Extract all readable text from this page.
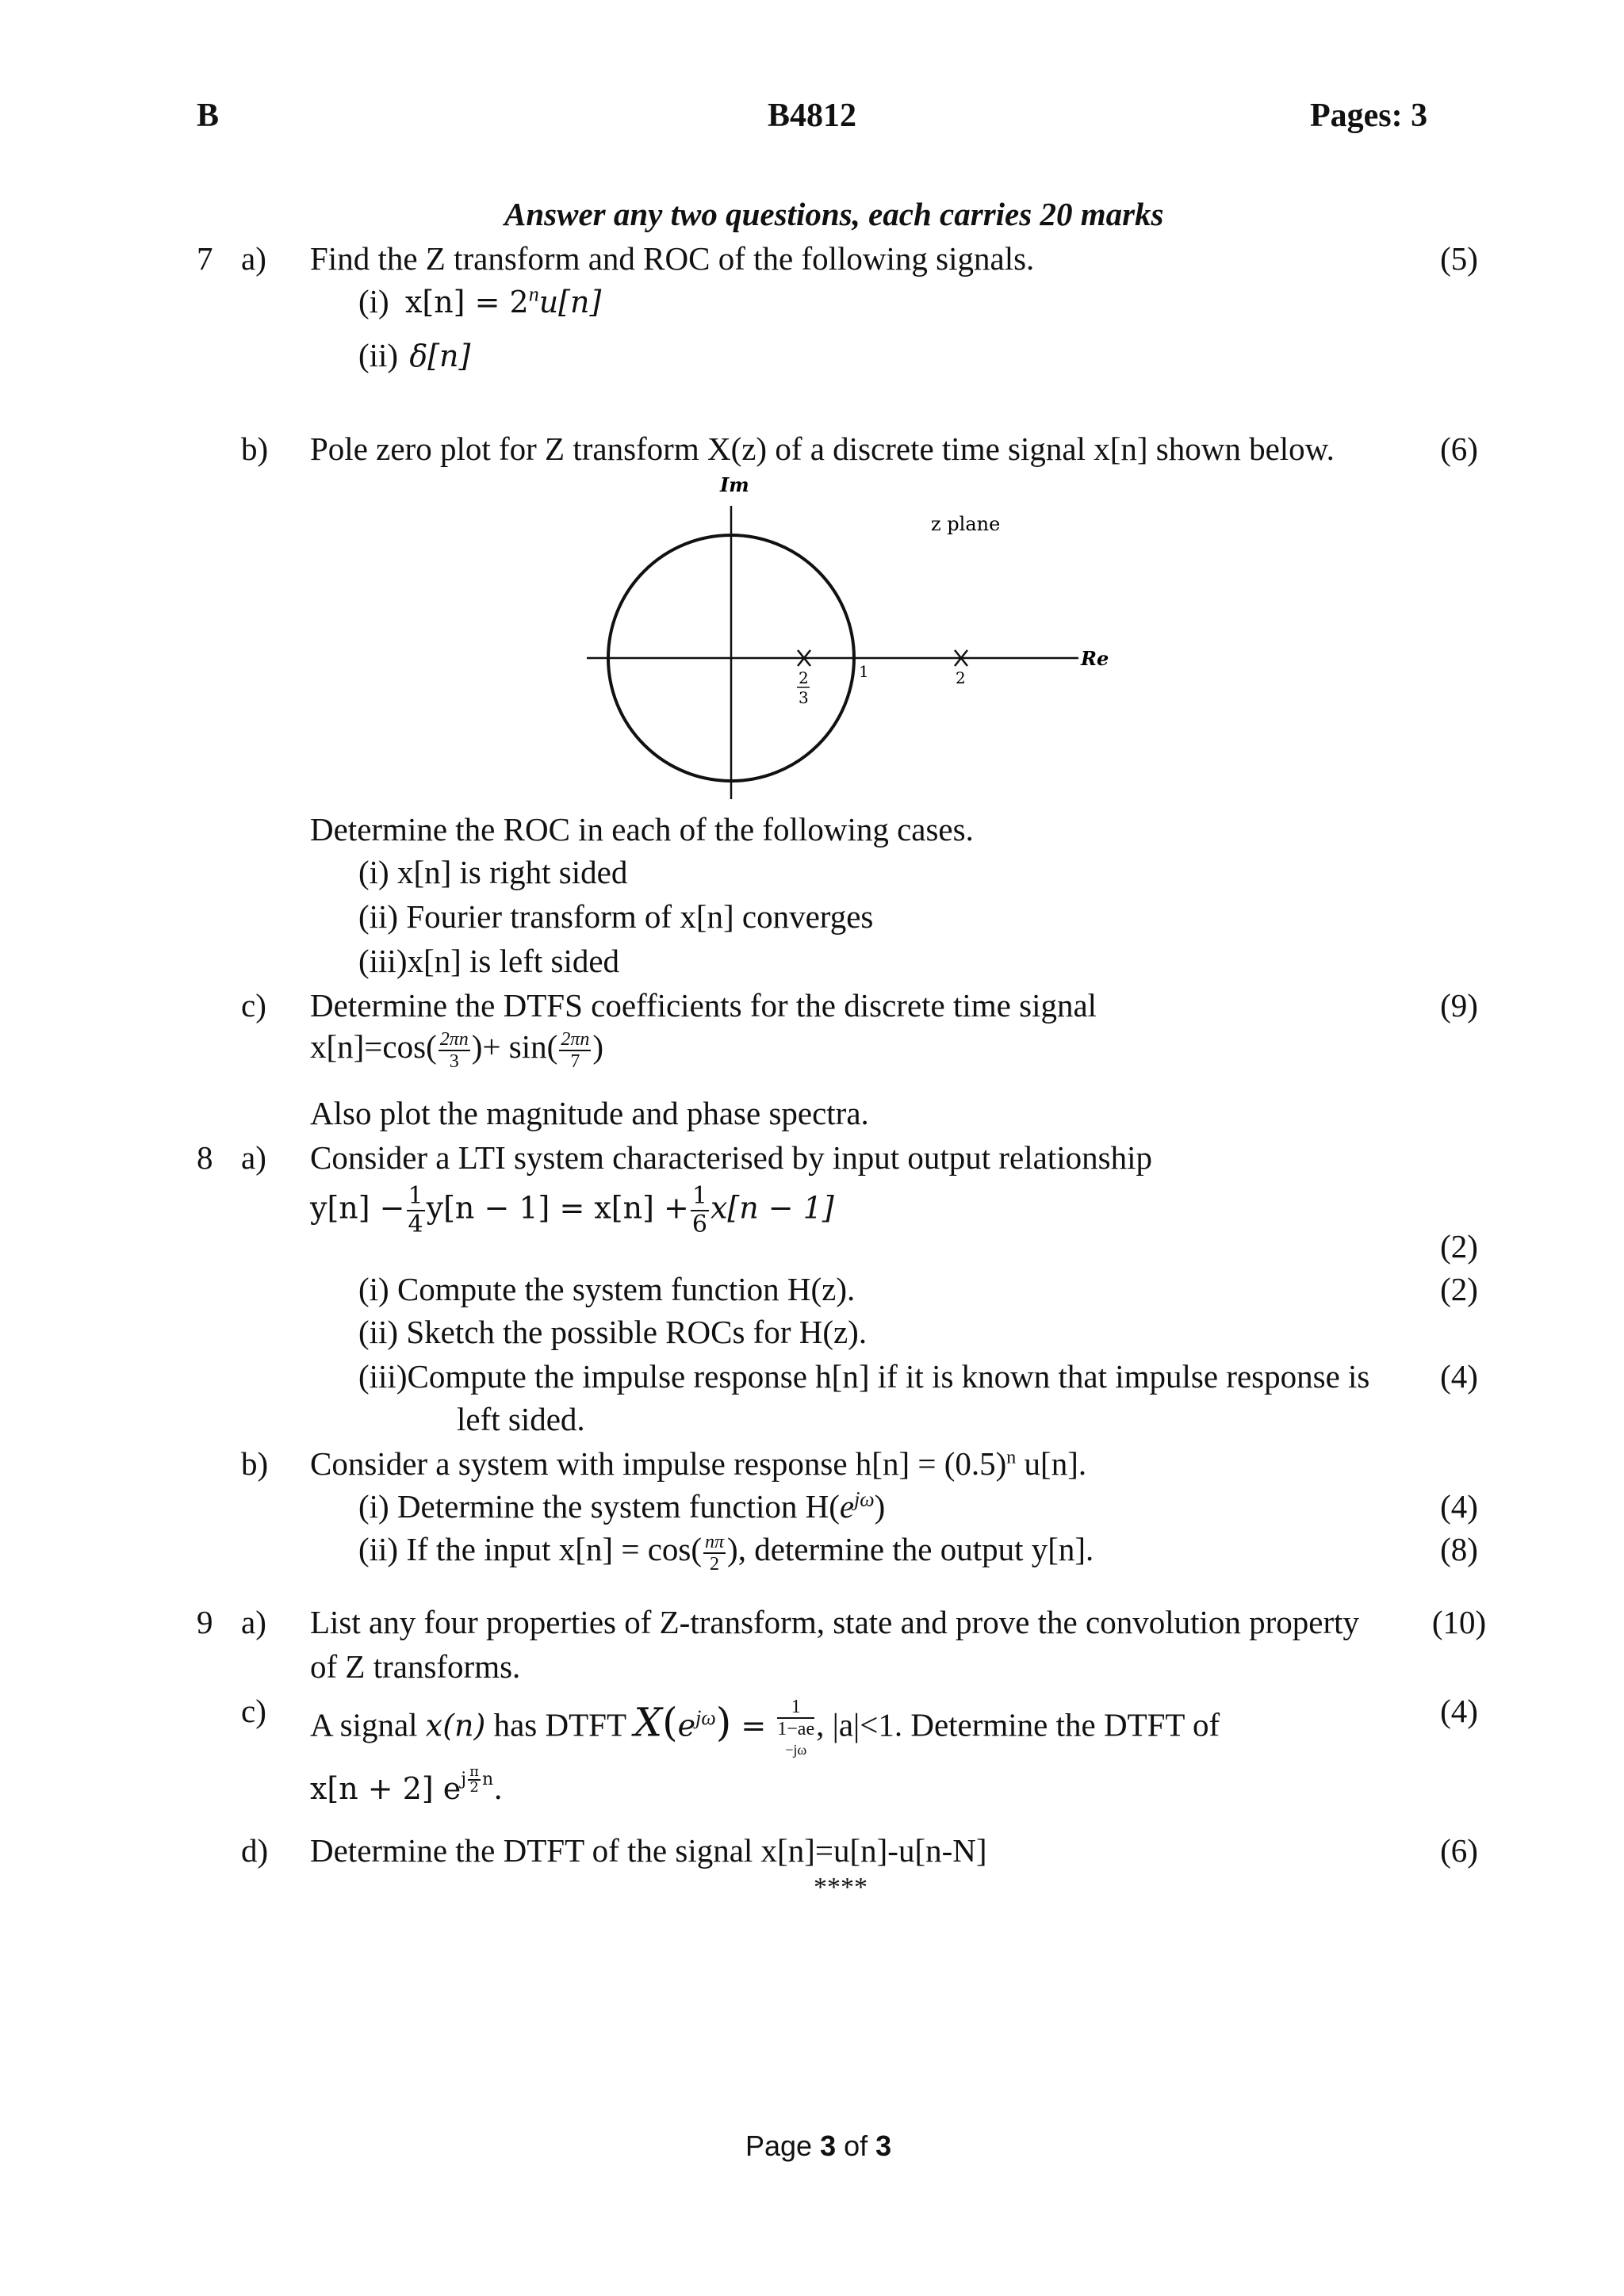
B	B4812	Pages: 3
Answer any two questions, each carries 20 marks
7 a) Find the Z transform and ROC of the following signals.	(5)
(i) $x[n] = 2^nu[n]$
(ii) δ[n]
b) Pole zero plot for Z transform X(z) of a discrete time signal x[n] shown below.	(6)
Im
Re
z plane
2
3
1	2
Determine the ROC in each of the following cases.
(i) x[n] is right sided
(ii) Fourier transform of x[n] converges
(iii)x[n] is left sided
c) Determine the DTFS coefficients for the discrete time signal	(9)
$x[n]=\cos( \frac{2\pi n}{3}$ )+ $\sin( \frac{2\pi n}{7}$ )
Also plot the magnitude and phase spectra.
8 a) Consider a LTI system characterised by input output relationship
$y[n] - \frac{1}{4} y[n - 1] = x[n] + \frac{1}{6} x[n - 1]$
(2)
(i) Compute the system function H(z).	(2)
(ii) Sketch the possible ROCs for H(z).
(iii)Compute the impulse response h[n] if it is known that impulse response is	(4)
left sided.
b) Consider a system with impulse response $h[n] = (0.5)^n$ u[n].
(i) Determine the system function $H(e^{j\omega})$	(4)
(ii) If the input $x[n] = \cos( \frac{n\pi}{2}$ ), determine the output y[n].	(8)
9 a) List any four properties of Z-transform, state and prove the convolution property	(10)
of Z transforms.
c) A signal x(n) has DTFT $X(e^{j\omega}) = 1$
1−ae
−jω , |a|<1. Determine the DTFT of	(4)
x[n + 2] $e^{j \frac{\pi}{2} n}$.
d) Determine the DTFT of the signal x[n]=u[n]-u[n-N]	(6)
****
Page 3 of 3
